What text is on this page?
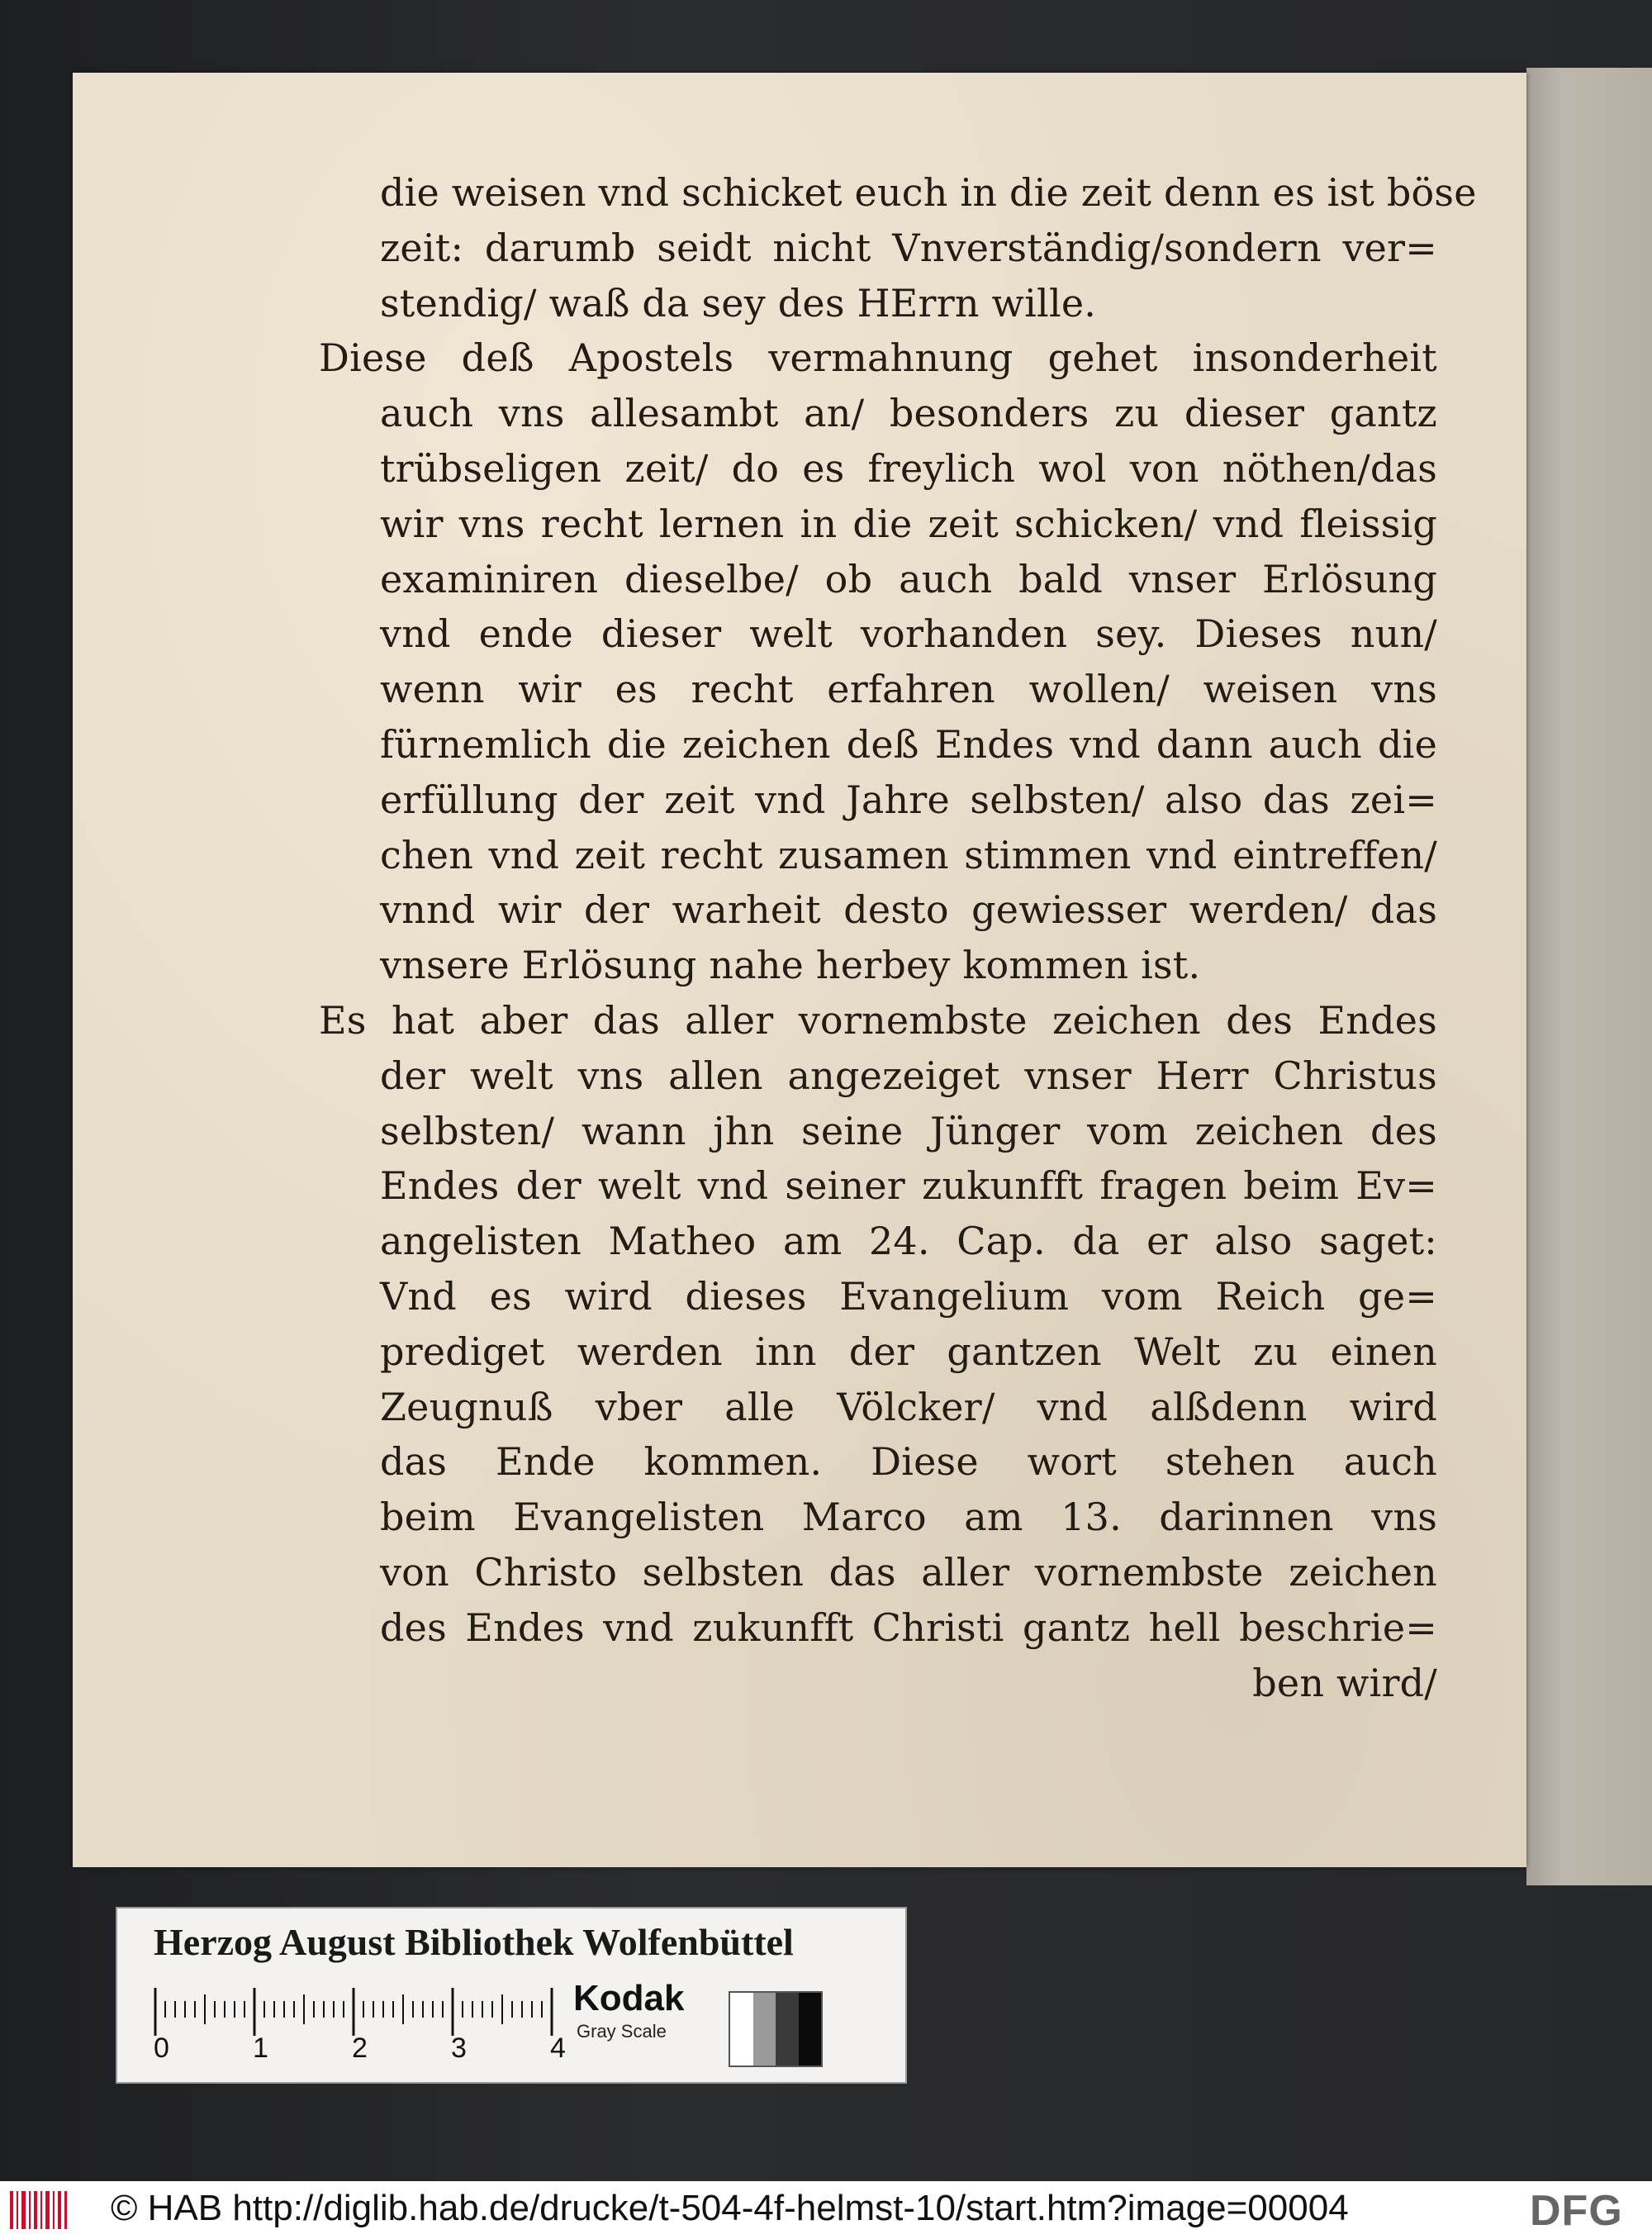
die weisen vnd schicket euch in die zeit denn es ist böse
zeit: darumb seidt nicht Vnverständig/sondern ver=
stendig/ waß da sey des HErrn wille.
Diese deß Apostels vermahnung gehet insonderheit
auch vns allesambt an/ besonders zu dieser gantz
trübseligen zeit/ do es freylich wol von nöthen/das
wir vns recht lernen in die zeit schicken/ vnd fleissig
examiniren dieselbe/ ob auch bald vnser Erlösung
vnd ende dieser welt vorhanden sey. Dieses nun/
wenn wir es recht erfahren wollen/ weisen vns
fürnemlich die zeichen deß Endes vnd dann auch die
erfüllung der zeit vnd Jahre selbsten/ also das zei=
chen vnd zeit recht zusamen stimmen vnd eintreffen/
vnnd wir der warheit desto gewiesser werden/ das
vnsere Erlösung nahe herbey kommen ist.
Es hat aber das aller vornembste zeichen des Endes
der welt vns allen angezeiget vnser Herr Christus
selbsten/ wann jhn seine Jünger vom zeichen des
Endes der welt vnd seiner zukunfft fragen beim Ev=
angelisten Matheo am 24. Cap. da er also saget:
Vnd es wird dieses Evangelium vom Reich ge=
prediget werden inn der gantzen Welt zu einen
Zeugnuß vber alle Völcker/ vnd alßdenn wird
das Ende kommen. Diese wort stehen auch
beim Evangelisten Marco am 13. darinnen vns
von Christo selbsten das aller vornembste zeichen
des Endes vnd zukunfft Christi gantz hell beschrie=
ben wird/
Herzog August Bibliothek Wolfenbüttel
0	1	2	3	4
Kodak
Gray Scale
© HAB http://diglib.hab.de/drucke/t-504-4f-helmst-10/start.htm?image=00004	DFG
